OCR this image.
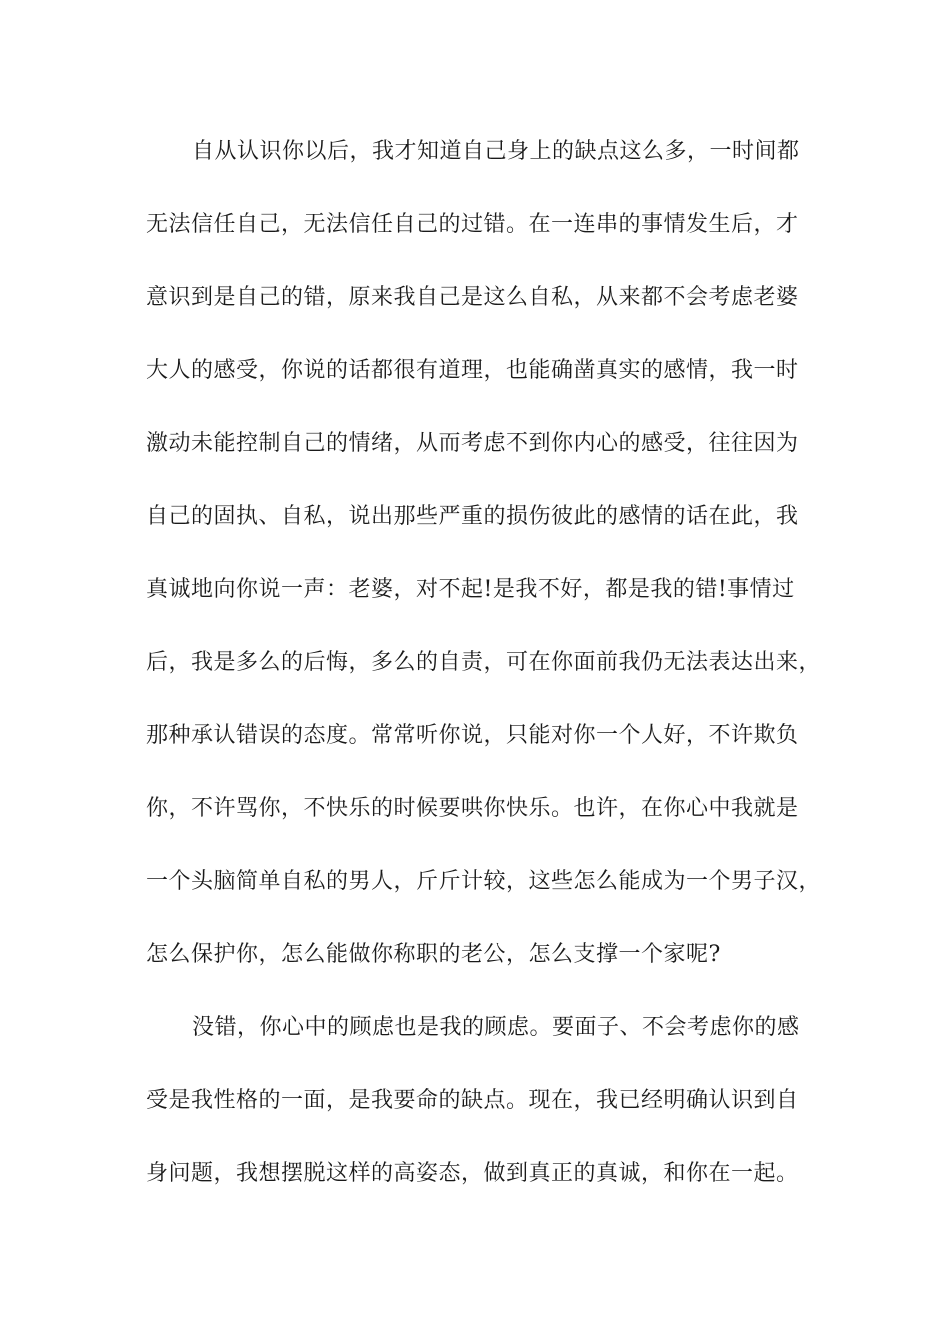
自从认识你以后，我才知道自己身上的缺点这么多，一时间都
无法信任自己，无法信任自己的过错。在一连串的事情发生后，才
意识到是自己的错，原来我自己是这么自私，从来都不会考虑老婆
大人的感受，你说的话都很有道理，也能确凿真实的感情，我一时
激动未能控制自己的情绪，从而考虑不到你内心的感受，往往因为
自己的固执、自私，说出那些严重的损伤彼此的感情的话在此，我
真诚地向你说一声：老婆，对不起!是我不好，都是我的错!事情过
后，我是多么的后悔，多么的自责，可在你面前我仍无法表达出来，
那种承认错误的态度。常常听你说，只能对你一个人好，不许欺负
你，不许骂你，不快乐的时候要哄你快乐。也许，在你心中我就是
一个头脑简单自私的男人，斤斤计较，这些怎么能成为一个男子汉，
怎么保护你，怎么能做你称职的老公，怎么支撑一个家呢?
没错，你心中的顾虑也是我的顾虑。要面子、不会考虑你的感
受是我性格的一面，是我要命的缺点。现在，我已经明确认识到自
身问题，我想摆脱这样的高姿态，做到真正的真诚，和你在一起。
